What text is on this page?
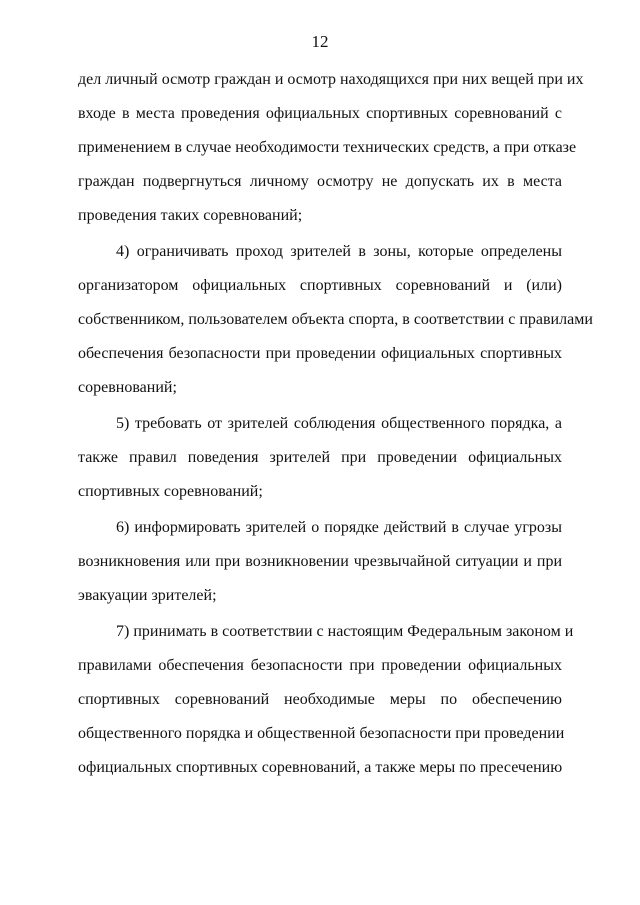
12
дел личный осмотр граждан и осмотр находящихся при них вещей при их
входе в места проведения официальных спортивных соревнований с
применением в случае необходимости технических средств, а при отказе
граждан подвергнуться личному осмотру не допускать их в места
проведения таких соревнований;
4) ограничивать проход зрителей в зоны, которые определены
организатором официальных спортивных соревнований и (или)
собственником, пользователем объекта спорта, в соответствии с правилами
обеспечения безопасности при проведении официальных спортивных
соревнований;
5) требовать от зрителей соблюдения общественного порядка, а
также правил поведения зрителей при проведении официальных
спортивных соревнований;
6) информировать зрителей о порядке действий в случае угрозы
возникновения или при возникновении чрезвычайной ситуации и при
эвакуации зрителей;
7) принимать в соответствии с настоящим Федеральным законом и
правилами обеспечения безопасности при проведении официальных
спортивных соревнований необходимые меры по обеспечению
общественного порядка и общественной безопасности при проведении
официальных спортивных соревнований, а также меры по пресечению
